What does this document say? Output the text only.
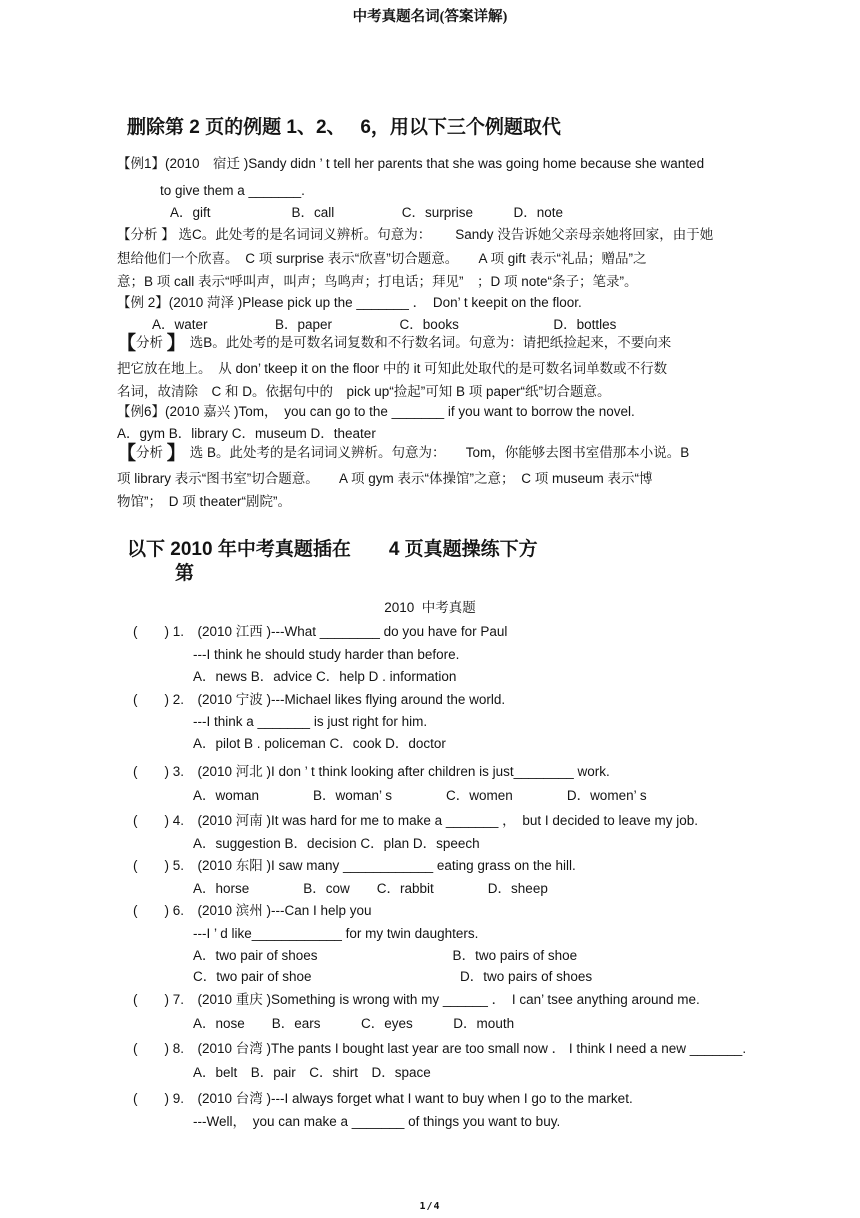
中考真题名词(答案详解)
删除第 2 页的例题 1、2、　 6，用以下三个例题取代
【例1】(2010　宿迁 )Sandy didn ’ t tell her parents that she was going home because she wanted
to give them a _______.
A．gift　　　　　　B．call　　　　　C．surprise　　　D．note
【分析 】 选C。此处考的是名词词义辨析。句意为：　　 Sandy 没告诉她父亲母亲她将回家，由于她
想给他们一个欣喜。　C 项 surprise 表示“欣喜”切合题意。　　A 项 gift 表示“礼品；赠品”之
意；B 项 call 表示“呼叫声，叫声；鸟鸣声；打电话；拜见”　；D 项 note“条子；笔录”。
【例 2】(2010 菏泽 )Please pick up the _______ ．　Don’ t keepit on the floor.
A．water　　　　　B．paper　　　　　C．books　　　　　　　D．bottles
【分析 】　选B。此处考的是可数名词复数和不行数名词。句意为：请把纸捡起来，不要向来
把它放在地上。　从 don’ tkeep it on the floor 中的 it 可知此处取代的是可数名词单数或不行数
名词，故清除　C 和 D。依据句中的　pick up“捡起”可知 B 项 paper“纸”切合题意。
【例6】(2010 嘉兴 )Tom，　you can go to the _______ if you want to borrow the novel.
A．gym B．library C．museum D．theater
【分析 】　选 B。此处考的是名词词义辨析。句意为：　　Tom，你能够去图书室借那本小说。B
项 library 表示“图书室”切合题意。　　A 项 gym 表示“体操馆”之意；　C 项 museum 表示“博
物馆”；　D 项 theater“剧院”。
以下 2010 年中考真题插在　　4 页真题操练下方
第
2010  中考真题
(　　) 1.　(2010 江西 )---What ________ do you have for Paul
---I think he should study harder than before.
A．news B．advice C．help D . information
(　　) 2.　(2010 宁波 )---Michael likes flying around the world.
---I think a _______ is just right for him.
A．pilot B . policeman C．cook D．doctor
(　　) 3.　(2010 河北 )I don ’ t think looking after children is just________ work.
A．woman　　　　B．woman’ s　　　　C．women　　　　D．women’ s
(　　) 4.　(2010 河南 )It was hard for me to make a _______ ，　but I decided to leave my job.
A．suggestion B．decision C．plan D．speech
(　　) 5.　(2010 东阳 )I saw many ____________ eating grass on the hill.
A．horse　　　　B．cow　　C．rabbit　　　　D．sheep
(　　) 6.　(2010 滨州 )---Can I help you
---I ’ d like____________ for my twin daughters.
A．two pair of shoes　　　　　　　　　　B．two pairs of shoe
C．two pair of shoe　　　　　　　　　　　D．two pairs of shoes
(　　) 7.　(2010 重庆 )Something is wrong with my ______ ．　I can’ tsee anything around me.
A．nose　　B．ears　　　C．eyes　　　D．mouth
(　　) 8.　(2010 台湾 )The pants I bought last year are too small now ． I think I need a new _______.
A．belt　B．pair　C．shirt　D．space
(　　) 9.　(2010 台湾 )---I always forget what I want to buy when I go to the market.
---Well，　you can make a _______ of things you want to buy.
1/4
